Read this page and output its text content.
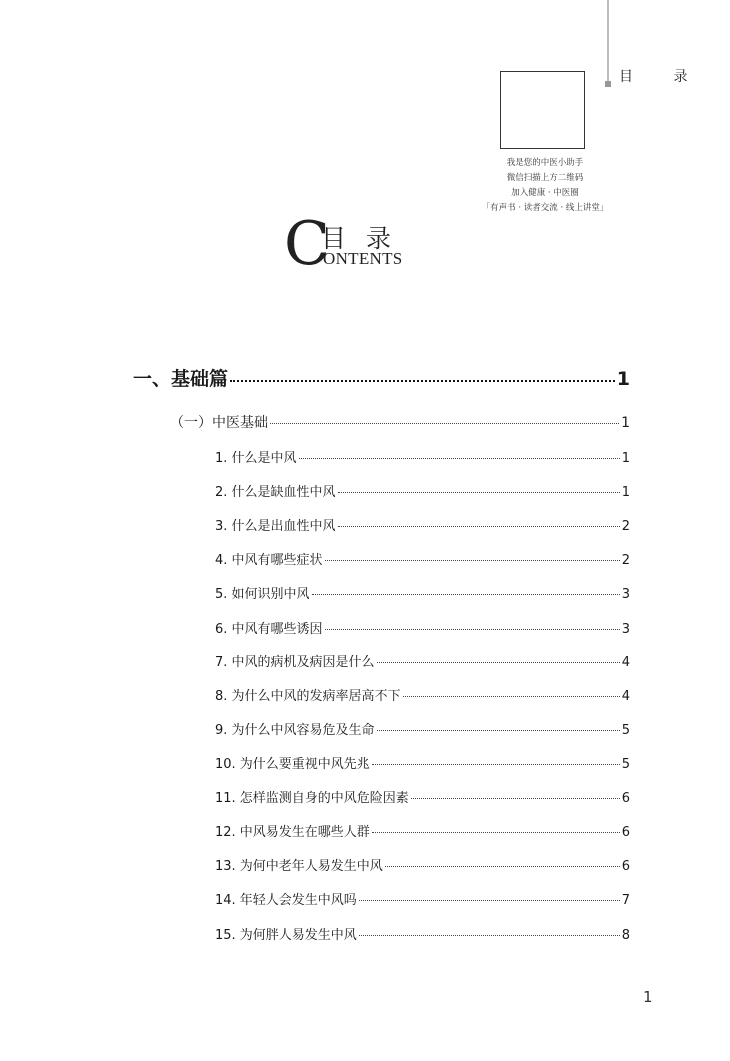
目 录
我是您的中医小助手
微信扫描上方二维码
加入健康 · 中医圈
「有声书 · 读者交流 · 线上讲堂」
C
目录
ONTENTS
一、基础篇	1
（一）中医基础	1
1. 什么是中风	1
2. 什么是缺血性中风	1
3. 什么是出血性中风	2
4. 中风有哪些症状	2
5. 如何识别中风	3
6. 中风有哪些诱因	3
7. 中风的病机及病因是什么	4
8. 为什么中风的发病率居高不下	4
9. 为什么中风容易危及生命	5
10. 为什么要重视中风先兆	5
11. 怎样监测自身的中风危险因素	6
12. 中风易发生在哪些人群	6
13. 为何中老年人易发生中风	6
14. 年轻人会发生中风吗	7
15. 为何胖人易发生中风	8
1
